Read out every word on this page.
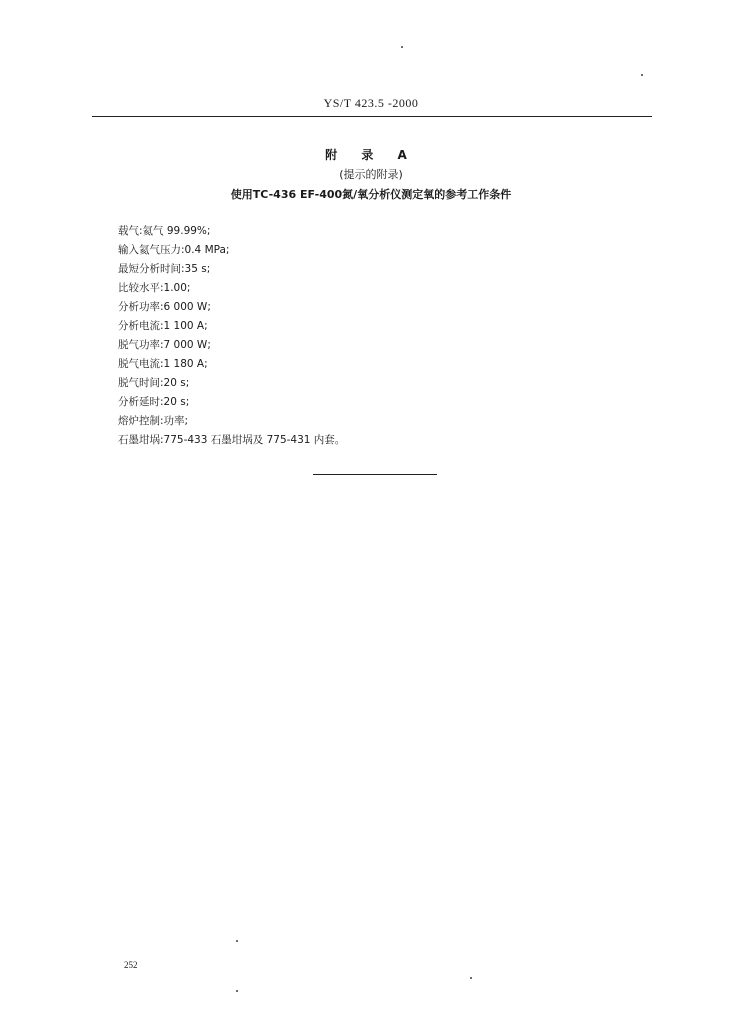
YS/T 423.5 -2000
附 录 A
(提示的附录)
使用TC-436 EF-400氮/氧分析仪测定氧的参考工作条件
载气:氦气 99.99%;
输入氦气压力:0.4 MPa;
最短分析时间:35 s;
比较水平:1.00;
分析功率:6 000 W;
分析电流:1 100 A;
脱气功率:7 000 W;
脱气电流:1 180 A;
脱气时间:20 s;
分析延时:20 s;
熔炉控制:功率;
石墨坩埚:775-433 石墨坩埚及 775-431 内套。
252
